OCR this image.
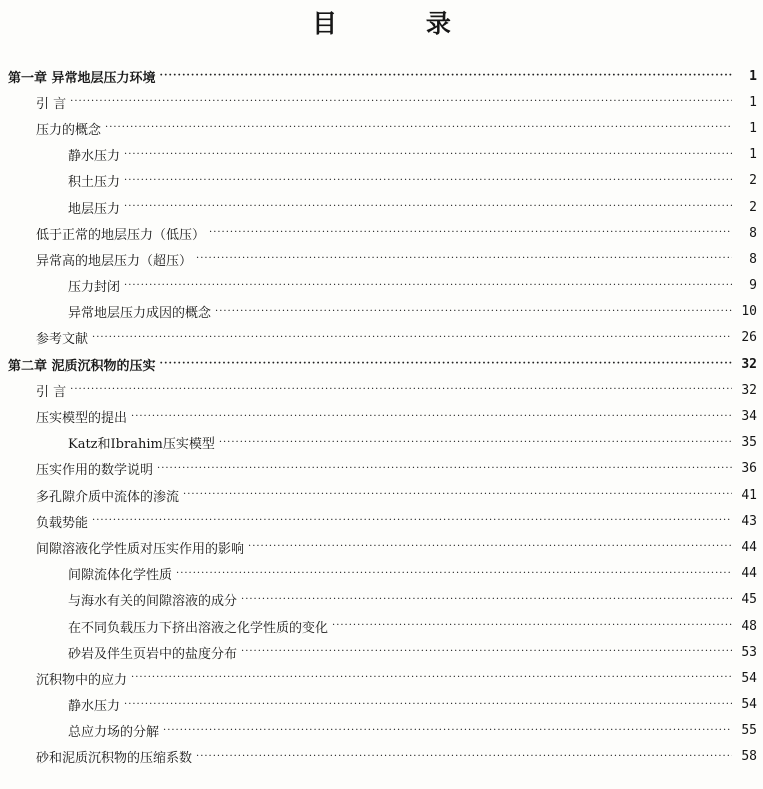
目 录
第一章 异常地层压力环境 ·····	1
引 言 ·····	1
压力的概念 ·····	1
静水压力 ·····	1
积土压力 ·····	2
地层压力 ·····	2
低于正常的地层压力（低压） ·····	8
异常高的地层压力（超压） ·····	8
压力封闭 ·····	9
异常地层压力成因的概念 ·····	10
参考文献 ·····	26
第二章 泥质沉积物的压实 ·····	32
引 言 ·····	32
压实模型的提出 ·····	34
Katz和Ibrahim压实模型 ·····	35
压实作用的数学说明 ·····	36
多孔隙介质中流体的渗流 ·····	41
负载势能 ·····	43
间隙溶液化学性质对压实作用的影响 ·····	44
间隙流体化学性质 ·····	44
与海水有关的间隙溶液的成分 ·····	45
在不同负载压力下挤出溶液之化学性质的变化 ·····	48
砂岩及伴生页岩中的盐度分布 ·····	53
沉积物中的应力 ·····	54
静水压力 ·····	54
总应力场的分解 ·····	55
砂和泥质沉积物的压缩系数 ·····	58
